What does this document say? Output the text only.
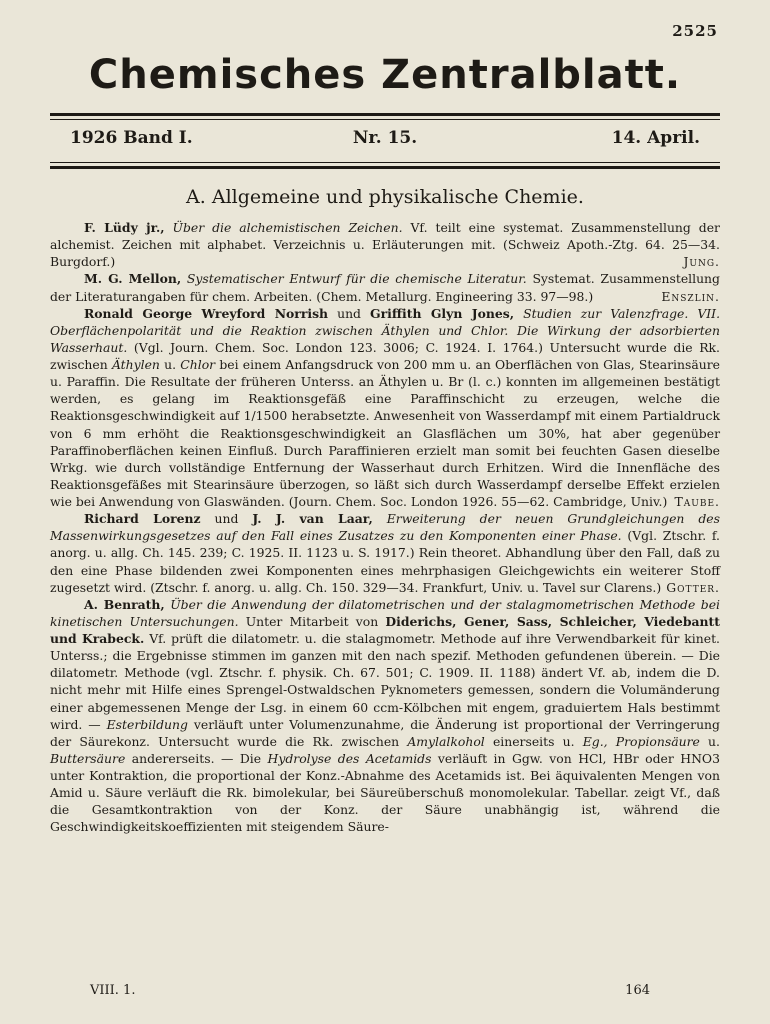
2525
Chemisches Zentralblatt.
1926 Band I.	Nr. 15.	14. April.
A. Allgemeine und physikalische Chemie.

F. Lüdy jr., Über die alchemistischen Zeichen. Vf. teilt eine systemat. Zusammenstellung der alchemist. Zeichen mit alphabet. Verzeichnis u. Erläuterungen mit. (Schweiz Apoth.-Ztg. 64. 25—34. Burgdorf.)	Jung.

M. G. Mellon, Systematischer Entwurf für die chemische Literatur. Systemat. Zusammenstellung der Literaturangaben für chem. Arbeiten. (Chem. Metallurg. Engineering 33. 97—98.)	Enszlin.

Ronald George Wreyford Norrish und Griffith Glyn Jones, Studien zur Valenzfrage. VII. Oberflächenpolarität und die Reaktion zwischen Äthylen und Chlor. Die Wirkung der adsorbierten Wasserhaut. (Vgl. Journ. Chem. Soc. London 123. 3006; C. 1924. I. 1764.) Untersucht wurde die Rk. zwischen Äthylen u. Chlor bei einem Anfangsdruck von 200 mm u. an Oberflächen von Glas, Stearinsäure u. Paraffin. Die Resultate der früheren Unterss. an Äthylen u. Br (l. c.) konnten im allgemeinen bestätigt werden, es gelang im Reaktionsgefäß eine Paraffinschicht zu erzeugen, welche die Reaktionsgeschwindigkeit auf 1/1500 herabsetzte. Anwesenheit von Wasserdampf mit einem Partialdruck von 6 mm erhöht die Reaktionsgeschwindigkeit an Glasflächen um 30%, hat aber gegenüber Paraffinoberflächen keinen Einfluß. Durch Paraffinieren erzielt man somit bei feuchten Gasen dieselbe Wrkg. wie durch vollständige Entfernung der Wasserhaut durch Erhitzen. Wird die Innenfläche des Reaktionsgefäßes mit Stearinsäure überzogen, so läßt sich durch Wasserdampf derselbe Effekt erzielen wie bei Anwendung von Glaswänden. (Journ. Chem. Soc. London 1926. 55—62. Cambridge, Univ.) Taube.

Richard Lorenz und J. J. van Laar, Erweiterung der neuen Grundgleichungen des Massenwirkungsgesetzes auf den Fall eines Zusatzes zu den Komponenten einer Phase. (Vgl. Ztschr. f. anorg. u. allg. Ch. 145. 239; C. 1925. II. 1123 u. S. 1917.) Rein theoret. Abhandlung über den Fall, daß zu den eine Phase bildenden zwei Komponenten eines mehrphasigen Gleichgewichts ein weiterer Stoff zugesetzt wird. (Ztschr. f. anorg. u. allg. Ch. 150. 329—34. Frankfurt, Univ. u. Tavel sur Clarens.) Gotter.

A. Benrath, Über die Anwendung der dilatometrischen und der stalagmometrischen Methode bei kinetischen Untersuchungen. Unter Mitarbeit von Diderichs, Gener, Sass, Schleicher, Viedebantt und Krabeck. Vf. prüft die dilatometr. u. die stalagmometr. Methode auf ihre Verwendbarkeit für kinet. Unterss.; die Ergebnisse stimmen im ganzen mit den nach spezif. Methoden gefundenen überein. — Die dilatometr. Methode (vgl. Ztschr. f. physik. Ch. 67. 501; C. 1909. II. 1188) ändert Vf. ab, indem die D. nicht mehr mit Hilfe eines Sprengel-Ostwaldschen Pyknometers gemessen, sondern die Volumänderung einer abgemessenen Menge der Lsg. in einem 60 ccm-Kölbchen mit engem, graduiertem Hals bestimmt wird. — Esterbildung verläuft unter Volumenzunahme, die Änderung ist proportional der Verringerung der Säurekonz. Untersucht wurde die Rk. zwischen Amylalkohol einerseits u. Eg., Propionsäure u. Buttersäure andererseits. — Die Hydrolyse des Acetamids verläuft in Ggw. von HCl, HBr oder HNO3 unter Kontraktion, die proportional der Konz.-Abnahme des Acetamids ist. Bei äquivalenten Mengen von Amid u. Säure verläuft die Rk. bimolekular, bei Säureüberschuß monomolekular. Tabellar. zeigt Vf., daß die Gesamtkontraktion von der Konz. der Säure unabhängig ist, während die Geschwindigkeitskoeffizienten mit steigendem Säure-

VIII. 1.	164
